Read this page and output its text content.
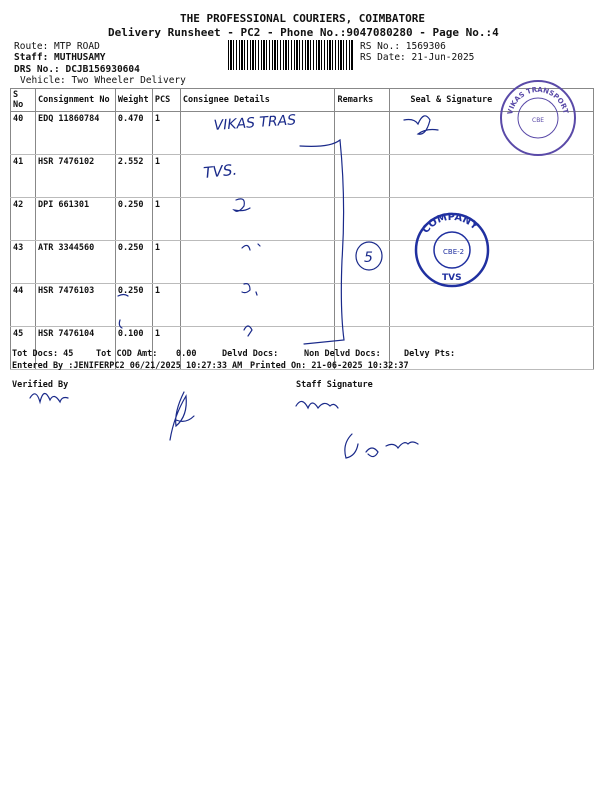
THE PROFESSIONAL COURIERS, COIMBATORE
Delivery Runsheet - PC2 - Phone No.:9047080280 - Page No.:4
Route: MTP ROAD
Staff: MUTHUSAMY
DRS No.: DCJB156930604
Vehicle: Two Wheeler Delivery
RS No.: 1569306
RS Date: 21-Jun-2025
S No	Consignment No	Weight	PCS	Consignee Details	Remarks	Seal & Signature
40	EDQ 11860784	0.470	1			
41	HSR 7476102	2.552	1			
42	DPI 661301	0.250	1			
43	ATR 3344560	0.250	1			
44	HSR 7476103	0.250	1			
45	HSR 7476104	0.100	1			
Tot Docs: 45	Tot COD Amt: 0.00	Delvd Docs:	Non Delvd Docs:	Delvy Pts:
Entered By :JENIFERPC2 06/21/2025 10:27:33 AM Printed On: 21-06-2025 10:32:37
Verified By	Staff Signature
VIKAS TRAS
TVS.
5
VIKAS TRANSPORT
CBE
COMPANY
CBE-2
TVS
